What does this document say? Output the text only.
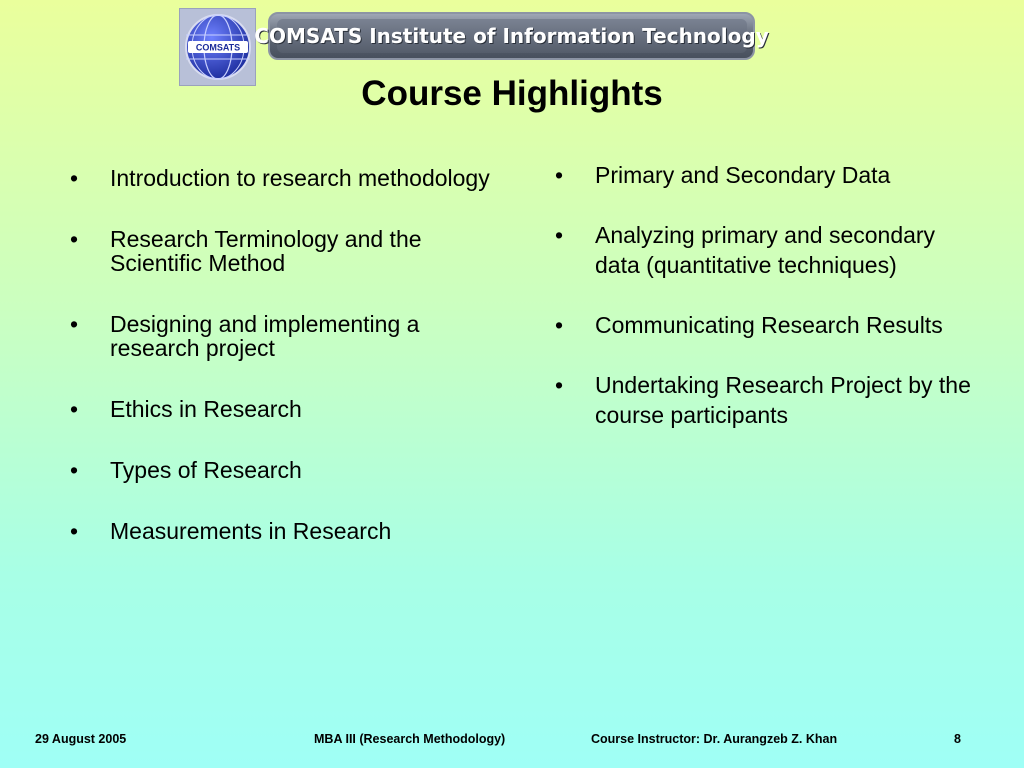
COMSATS COMSATS Institute of Information Technology
Course Highlights
• Introduction to research methodology
• Research Terminology and the Scientific Method
• Designing and implementing a research project
• Ethics in Research
• Types of Research
• Measurements in Research
• Primary and Secondary Data
• Analyzing primary and secondary data (quantitative techniques)
• Communicating Research Results
• Undertaking Research Project by the course participants
29 August 2005	MBA III (Research Methodology)	Course Instructor: Dr. Aurangzeb Z. Khan	8
